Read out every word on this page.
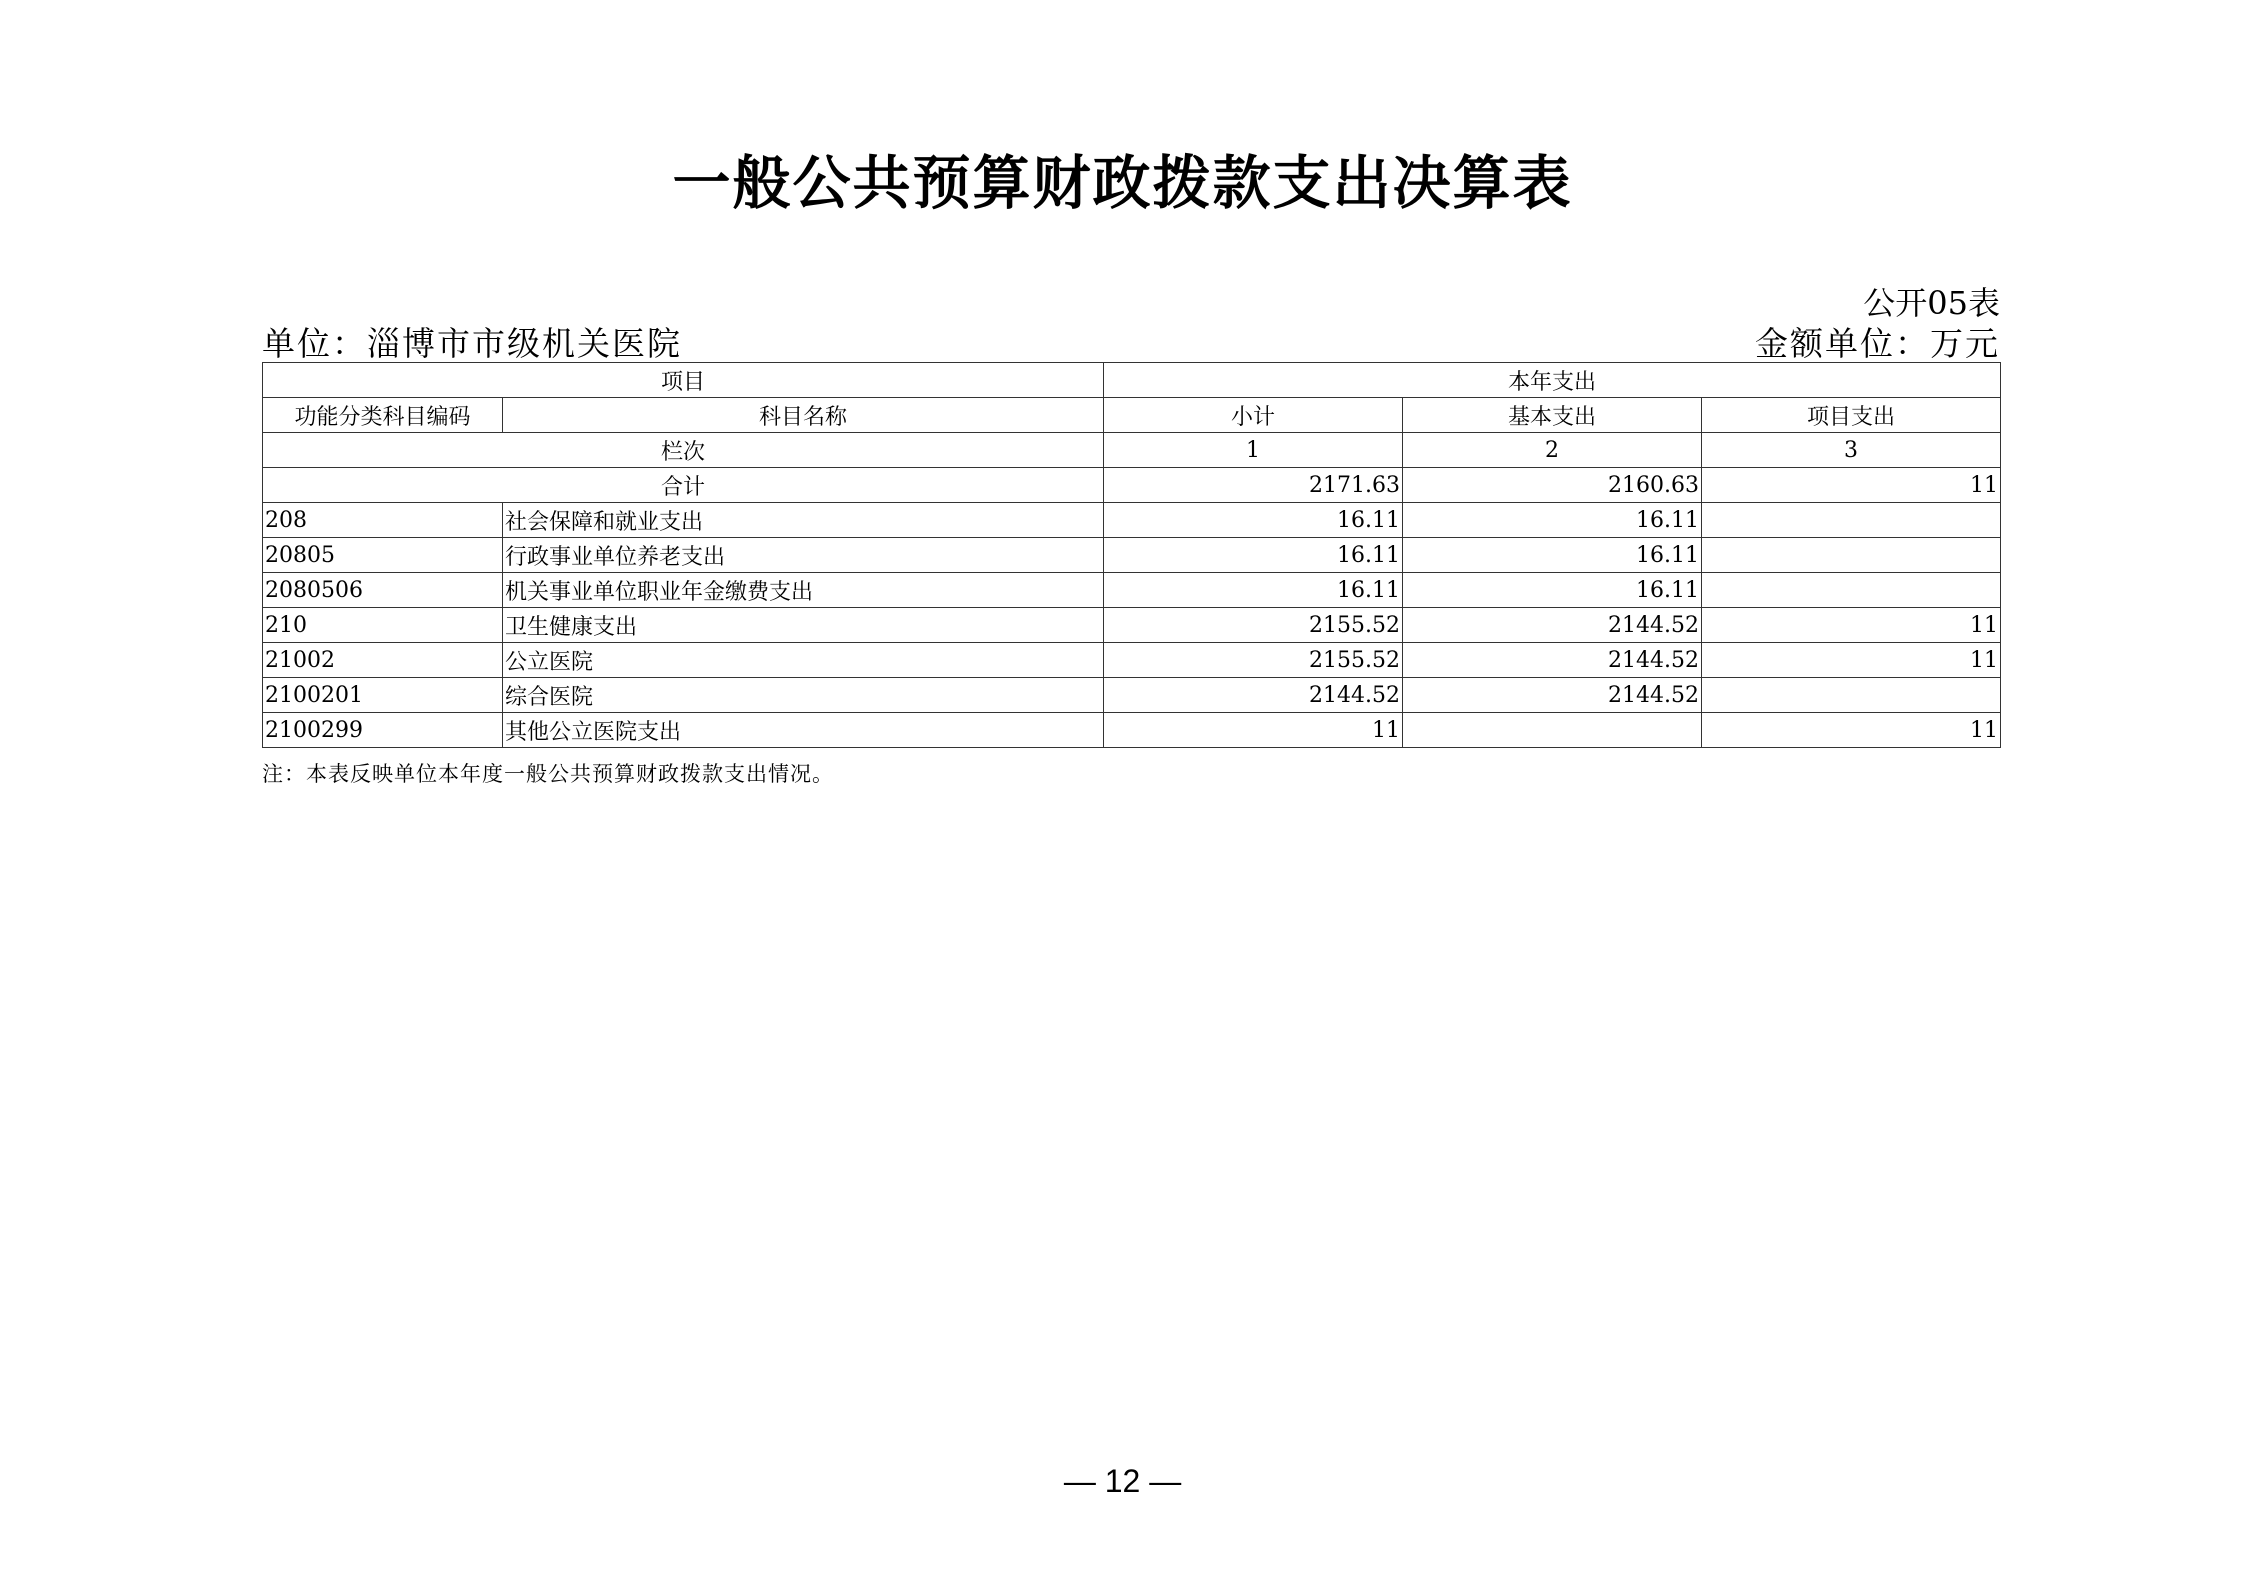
一般公共预算财政拨款支出决算表
公开05表
单位：淄博市市级机关医院	金额单位：万元
项目		本年支出		
功能分类科目编码	科目名称	小计	基本支出	项目支出
栏次		1	2	3
合计		2171.63	2160.63	11
208	社会保障和就业支出	16.11	16.11	
20805	行政事业单位养老支出	16.11	16.11	
2080506	机关事业单位职业年金缴费支出	16.11	16.11	
210	卫生健康支出	2155.52	2144.52	11
21002	公立医院	2155.52	2144.52	11
2100201	综合医院	2144.52	2144.52	
2100299	其他公立医院支出	11		11
注：本表反映单位本年度一般公共预算财政拨款支出情况。
— 12 —
